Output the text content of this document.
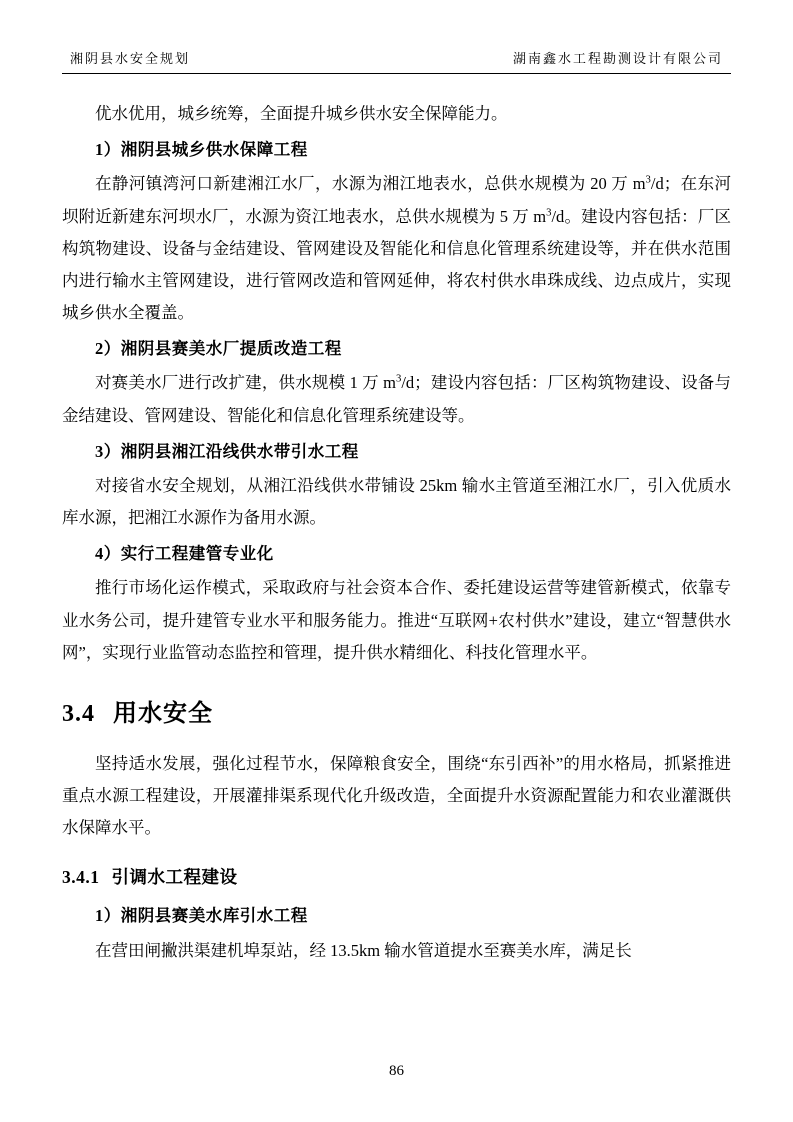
湘阴县水安全规划	湖南鑫水工程勘测设计有限公司

优水优用，城乡统筹，全面提升城乡供水安全保障能力。

1）湘阴县城乡供水保障工程

在静河镇湾河口新建湘江水厂，水源为湘江地表水，总供水规模为 20 万 $m^3/d$；在东河坝附近新建东河坝水厂，水源为资江地表水，总供水规模为 5 万 $m^3/d$。建设内容包括：厂区构筑物建设、设备与金结建设、管网建设及智能化和信息化管理系统建设等，并在供水范围内进行输水主管网建设，进行管网改造和管网延伸，将农村供水串珠成线、边点成片，实现城乡供水全覆盖。

2）湘阴县赛美水厂提质改造工程

对赛美水厂进行改扩建，供水规模 1 万 $m^3/d$；建设内容包括：厂区构筑物建设、设备与金结建设、管网建设、智能化和信息化管理系统建设等。

3）湘阴县湘江沿线供水带引水工程

对接省水安全规划，从湘江沿线供水带铺设 25km 输水主管道至湘江水厂，引入优质水库水源，把湘江水源作为备用水源。

4）实行工程建管专业化

推行市场化运作模式，采取政府与社会资本合作、委托建设运营等建管新模式，依靠专业水务公司，提升建管专业水平和服务能力。推进“互联网+农村供水”建设，建立“智慧供水网”，实现行业监管动态监控和管理，提升供水精细化、科技化管理水平。

3.4 用水安全

坚持适水发展，强化过程节水，保障粮食安全，围绕“东引西补”的用水格局，抓紧推进重点水源工程建设，开展灌排渠系现代化升级改造，全面提升水资源配置能力和农业灌溉供水保障水平。

3.4.1 引调水工程建设

1）湘阴县赛美水库引水工程

在营田闸撇洪渠建机埠泵站，经 13.5km 输水管道提水至赛美水库，满足长

86
